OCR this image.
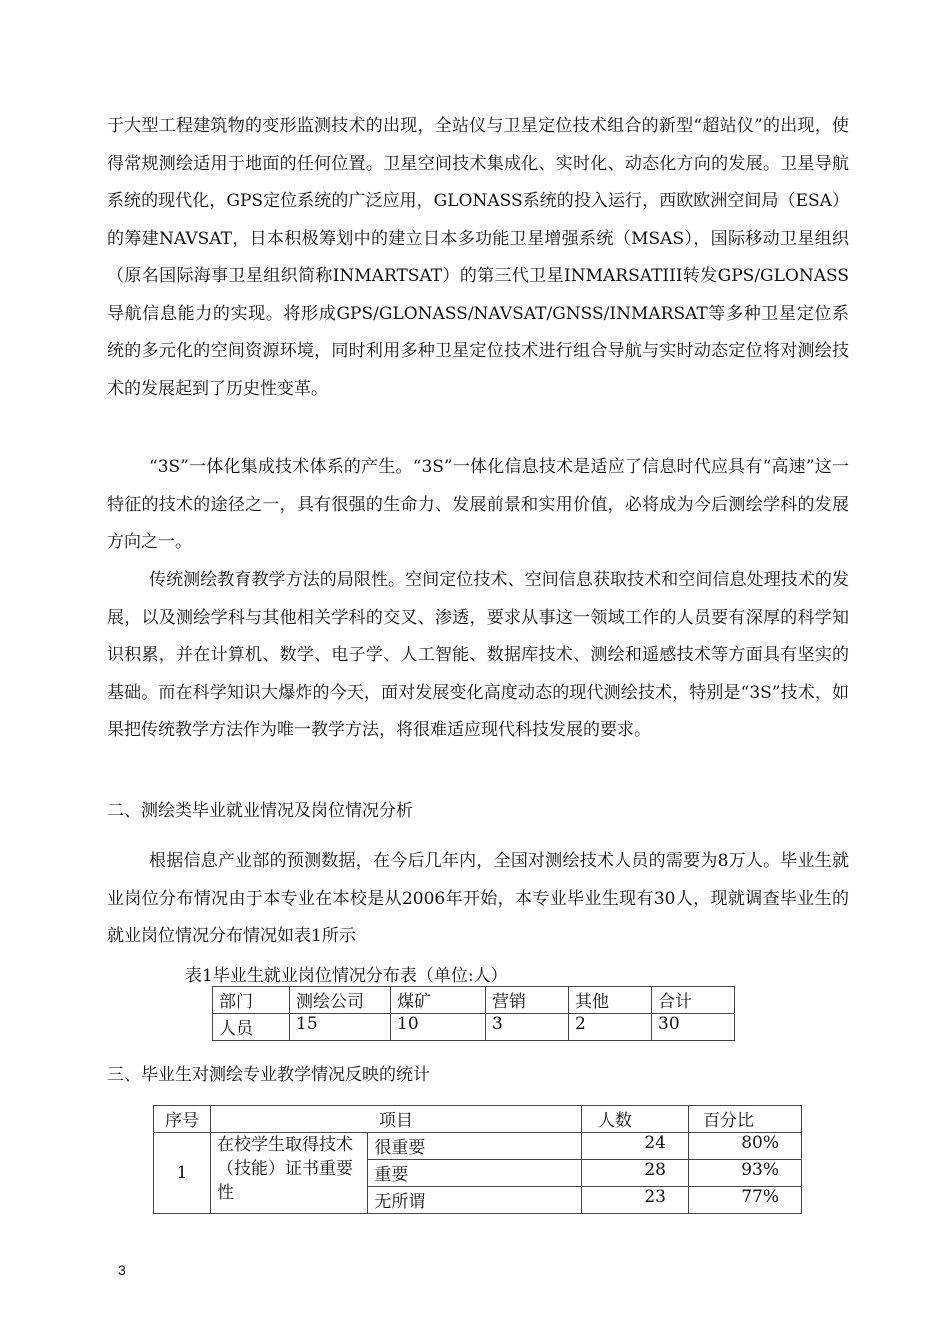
于大型工程建筑物的变形监测技术的出现，全站仪与卫星定位技术组合的新型“超站仪”的出现，使得常规测绘适用于地面的任何位置。卫星空间技术集成化、实时化、动态化方向的发展。卫星导航系统的现代化，GPS定位系统的广泛应用，GLONASS系统的投入运行，西欧欧洲空间局（ESA）的筹建NAVSAT，日本积极筹划中的建立日本多功能卫星增强系统（MSAS），国际移动卫星组织（原名国际海事卫星组织简称INMARTSAT）的第三代卫星INMARSATIII转发GPS/GLONASS导航信息能力的实现。将形成GPS/GLONASS/NAVSAT/GNSS/INMARSAT等多种卫星定位系统的多元化的空间资源环境，同时利用多种卫星定位技术进行组合导航与实时动态定位将对测绘技术的发展起到了历史性变革。

“3S”一体化集成技术体系的产生。“3S”一体化信息技术是适应了信息时代应具有“高速”这一特征的技术的途径之一，具有很强的生命力、发展前景和实用价值，必将成为今后测绘学科的发展方向之一。

传统测绘教育教学方法的局限性。空间定位技术、空间信息获取技术和空间信息处理技术的发展，以及测绘学科与其他相关学科的交叉、渗透，要求从事这一领域工作的人员要有深厚的科学知识积累，并在计算机、数学、电子学、人工智能、数据库技术、测绘和遥感技术等方面具有坚实的基础。而在科学知识大爆炸的今天，面对发展变化高度动态的现代测绘技术，特别是“3S”技术，如果把传统教学方法作为唯一教学方法，将很难适应现代科技发展的要求。

二、测绘类毕业就业情况及岗位情况分析

根据信息产业部的预测数据，在今后几年内，全国对测绘技术人员的需要为8万人。毕业生就业岗位分布情况由于本专业在本校是从2006年开始，本专业毕业生现有30人，现就调查毕业生的就业岗位情况分布情况如表1所示

表1毕业生就业岗位情况分布表（单位:人）
部门	测绘公司	煤矿	营销	其他	合计
人员	15	10	3	2	30

三、毕业生对测绘专业教学情况反映的统计

序号	项目		人数	百分比
1	在校学生取得技术（技能）证书重要性	很重要	24	80%
		重要	28	93%
		无所谓	23	77%
3
